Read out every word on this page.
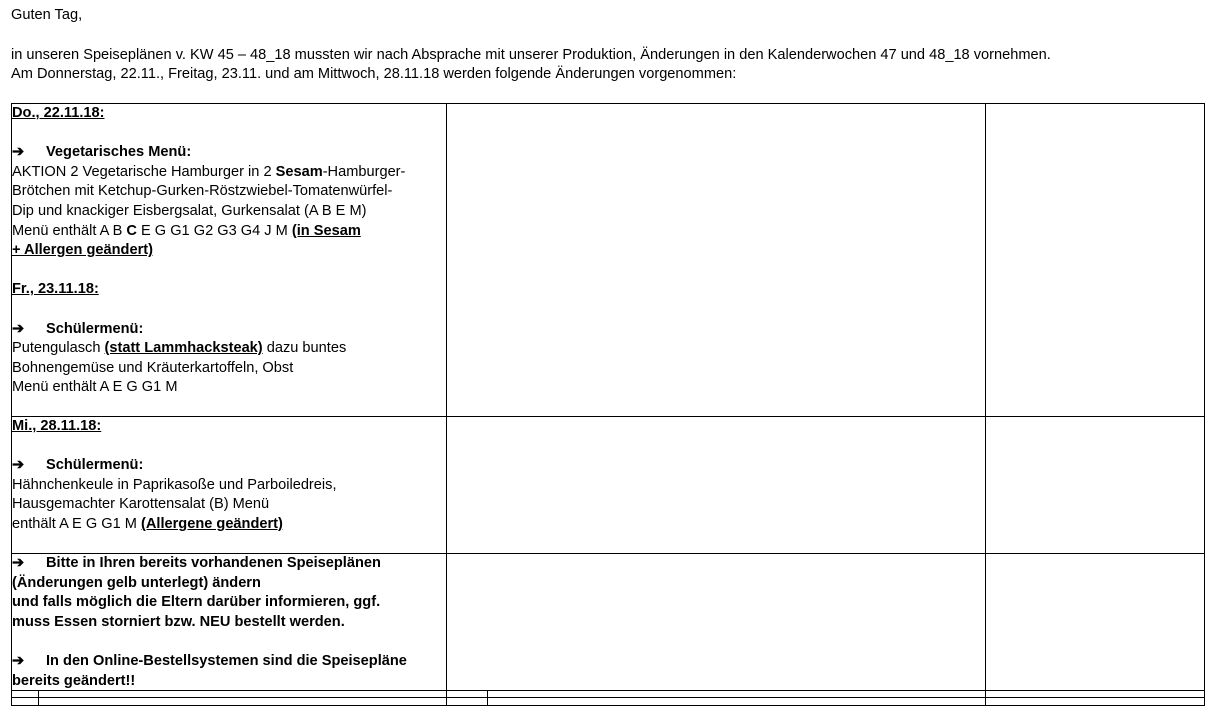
Guten Tag,
in unseren Speiseplänen v. KW 45 – 48_18 mussten wir nach Absprache mit unserer Produktion, Änderungen in den Kalenderwochen 47 und 48_18 vornehmen.
Am Donnerstag, 22.11., Freitag, 23.11. und am Mittwoch, 28.11.18 werden folgende Änderungen vorgenommen:

Do., 22.11.18:

➔ Vegetarisches Menü:

AKTION 2 Vegetarische Hamburger in 2 Sesam-Hamburger-

Brötchen mit Ketchup-Gurken-Röstzwiebel-Tomatenwürfel-

Dip und knackiger Eisbergsalat, Gurkensalat (A B E M)

Menü enthält A B C E G G1 G2 G3 G4 J M (in Sesam

+ Allergen geändert)

Fr., 23.11.18:

➔ Schülermenü:

Putengulasch (statt Lammhacksteak) dazu buntes

Bohnengemüse und Kräuterkartoffeln, Obst

Menü enthält A E G G1 M

Mi., 28.11.18:

➔ Schülermenü:

Hähnchenkeule in Paprikasoße und Parboiledreis,

Hausgemachter Karottensalat (B) Menü

enthält A E G G1 M (Allergene geändert)

➔ Bitte in Ihren bereits vorhandenen Speiseplänen

(Änderungen gelb unterlegt) ändern

und falls möglich die Eltern darüber informieren, ggf.

muss Essen storniert bzw. NEU bestellt werden.

➔ In den Online-Bestellsystemen sind die Speisepläne

bereits geändert!!
